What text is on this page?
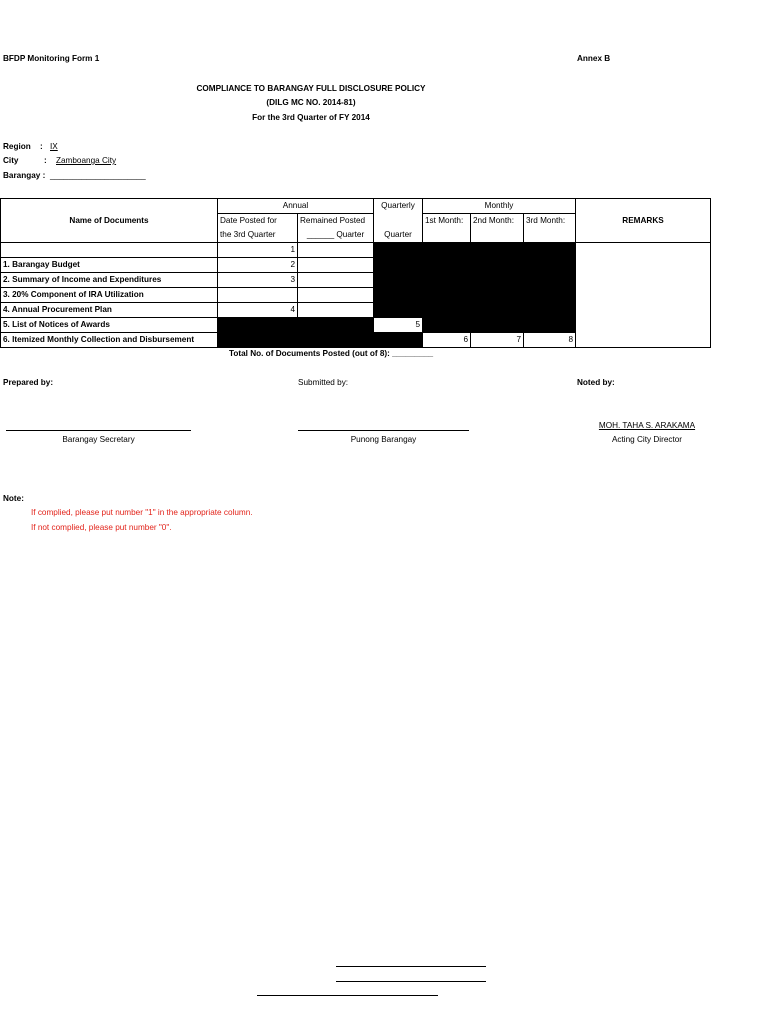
BFDP Monitoring Form 1	Annex B
COMPLIANCE TO BARANGAY FULL DISCLOSURE POLICY
(DILG MC NO. 2014-81)
For the 3rd Quarter of FY 2014
Region : IX
City	: Zamboanga City
Barangay : _____________________
Name of Documents	Annual		Quarterly	Monthly			REMARKS
	Date Posted for	Remained Posted		1st Month:	2nd Month:	3rd Month:	
	the 3rd Quarter	______ Quarter	Quarter				
	1						
1. Barangay Budget	2						
2. Summary of Income and Expenditures	3						
3. 20% Component of IRA Utilization							
4. Annual Procurement Plan	4						
5. List of Notices of Awards			5				
6. Itemized Monthly Collection and Disbursement				6	7	8	
Total No. of Documents Posted (out of 8): _________
Prepared by:	Submitted by:	Noted by:
MOH. TAHA S. ARAKAMA
Barangay Secretary	Punong Barangay	Acting City Director
Note:
If complied, please put number "1" in the appropriate column.
If not complied, please put number "0".
